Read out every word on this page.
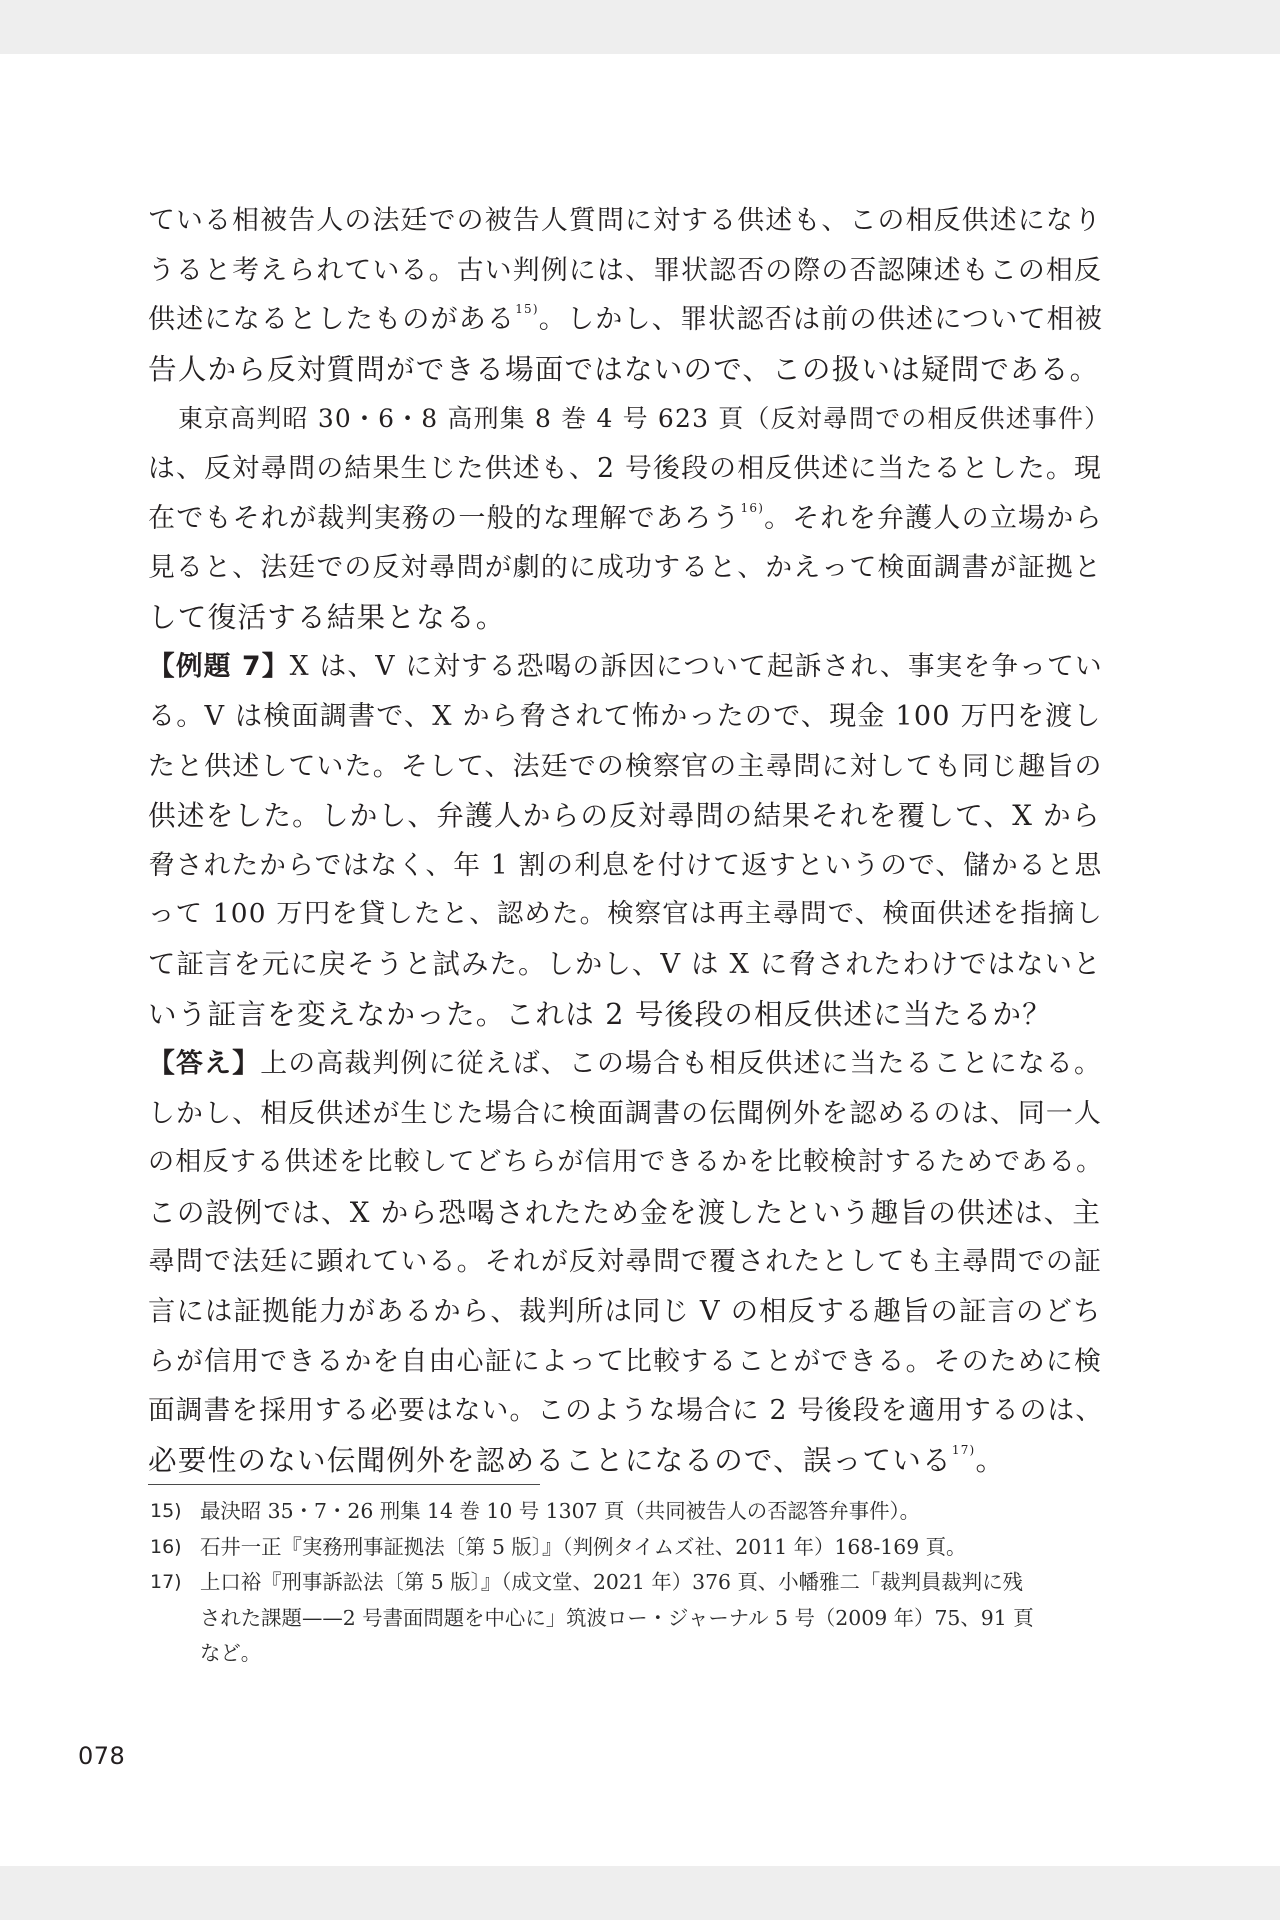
ている相被告人の法廷での被告人質問に対する供述も、この相反供述になり
うると考えられている。古い判例には、罪状認否の際の否認陳述もこの相反
供述になるとしたものがある$^{15)}$。しかし、罪状認否は前の供述について相被
告人から反対質問ができる場面ではないので、この扱いは疑問である。
東京高判昭 30・6・8 高刑集 8 巻 4 号 623 頁（反対尋問での相反供述事件）
は、反対尋問の結果生じた供述も、2 号後段の相反供述に当たるとした。現
在でもそれが裁判実務の一般的な理解であろう$^{16)}$。それを弁護人の立場から
見ると、法廷での反対尋問が劇的に成功すると、かえって検面調書が証拠と
して復活する結果となる。
【例題 7】X は、V に対する恐喝の訴因について起訴され、事実を争ってい
る。V は検面調書で、X から脅されて怖かったので、現金 100 万円を渡し
たと供述していた。そして、法廷での検察官の主尋問に対しても同じ趣旨の
供述をした。しかし、弁護人からの反対尋問の結果それを覆して、X から
脅されたからではなく、年 1 割の利息を付けて返すというので、儲かると思
って 100 万円を貸したと、認めた。検察官は再主尋問で、検面供述を指摘し
て証言を元に戻そうと試みた。しかし、V は X に脅されたわけではないと
いう証言を変えなかった。これは 2 号後段の相反供述に当たるか？
【答え】上の高裁判例に従えば、この場合も相反供述に当たることになる。
しかし、相反供述が生じた場合に検面調書の伝聞例外を認めるのは、同一人
の相反する供述を比較してどちらが信用できるかを比較検討するためである。
この設例では、X から恐喝されたため金を渡したという趣旨の供述は、主
尋問で法廷に顕れている。それが反対尋問で覆されたとしても主尋問での証
言には証拠能力があるから、裁判所は同じ V の相反する趣旨の証言のどち
らが信用できるかを自由心証によって比較することができる。そのために検
面調書を採用する必要はない。このような場合に 2 号後段を適用するのは、
必要性のない伝聞例外を認めることになるので、誤っている$^{17)}$。
15) 最決昭 35・7・26 刑集 14 巻 10 号 1307 頁（共同被告人の否認答弁事件）。
16) 石井一正『実務刑事証拠法〔第 5 版〕』（判例タイムズ社、2011 年）168-169 頁。
17) 上口裕『刑事訴訟法〔第 5 版〕』（成文堂、2021 年）376 頁、小幡雅二「裁判員裁判に残
された課題——2 号書面問題を中心に」筑波ロー・ジャーナル 5 号（2009 年）75、91 頁
など。
078
